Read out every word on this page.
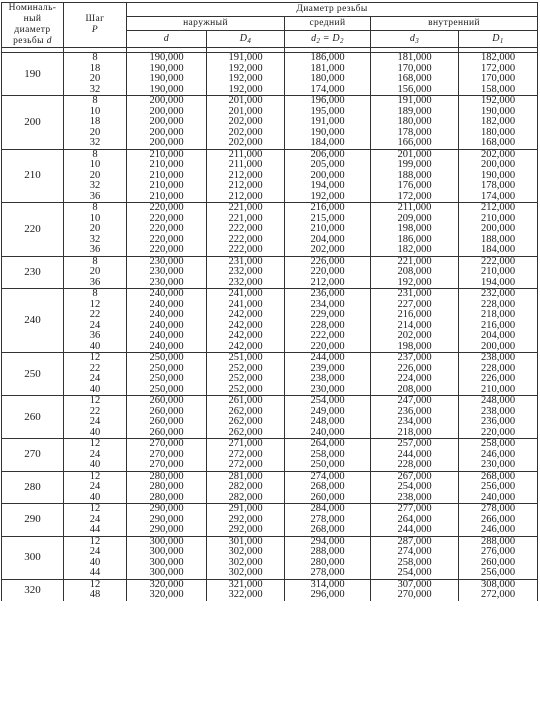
Номиналь-ный диаметр резьбы d	Шаг
P	Диаметр резьбы				
		наружный		средний	внутренний	
		d	$D_4$	$d_2 = D_2$	$d_3$	$D_1$

190	8	190,000	191,000	186,000	181,000	182,000
	18	190,000	192,000	181,000	170,000	172,000
	20	190,000	192,000	180,000	168,000	170,000
	32	190,000	192,000	174,000	156,000	158,000
200	8	200,000	201,000	196,000	191,000	192,000
	10	200,000	201,000	195,000	189,000	190,000
	18	200,000	202,000	191,000	180,000	182,000
	20	200,000	202,000	190,000	178,000	180,000
	32	200,000	202,000	184,000	166,000	168,000
210	8	210,000	211,000	206,000	201,000	202,000
	10	210,000	211,000	205,000	199,000	200,000
	20	210,000	212,000	200,000	188,000	190,000
	32	210,000	212,000	194,000	176,000	178,000
	36	210,000	212,000	192,000	172,000	174,000
220	8	220,000	221,000	216,000	211,000	212,000
	10	220,000	221,000	215,000	209,000	210,000
	20	220,000	222,000	210,000	198,000	200,000
	32	220,000	222,000	204,000	186,000	188,000
	36	220,000	222,000	202,000	182,000	184,000
230	8	230,000	231,000	226,000	221,000	222,000
	20	230,000	232,000	220,000	208,000	210,000
	36	230,000	232,000	212,000	192,000	194,000
240	8	240,000	241,000	236,000	231,000	232,000
	12	240,000	241,000	234,000	227,000	228,000
	22	240,000	242,000	229,000	216,000	218,000
	24	240,000	242,000	228,000	214,000	216,000
	36	240,000	242,000	222,000	202,000	204,000
	40	240,000	242,000	220,000	198,000	200,000
250	12	250,000	251,000	244,000	237,000	238,000
	22	250,000	252,000	239,000	226,000	228,000
	24	250,000	252,000	238,000	224,000	226,000
	40	250,000	252,000	230,000	208,000	210,000
260	12	260,000	261,000	254,000	247,000	248,000
	22	260,000	262,000	249,000	236,000	238,000
	24	260,000	262,000	248,000	234,000	236,000
	40	260,000	262,000	240,000	218,000	220,000
270	12	270,000	271,000	264,000	257,000	258,000
	24	270,000	272,000	258,000	244,000	246,000
	40	270,000	272,000	250,000	228,000	230,000
280	12	280,000	281,000	274,000	267,000	268,000
	24	280,000	282,000	268,000	254,000	256,000
	40	280,000	282,000	260,000	238,000	240,000
290	12	290,000	291,000	284,000	277,000	278,000
	24	290,000	292,000	278,000	264,000	266,000
	44	290,000	292,000	268,000	244,000	246,000
300	12	300,000	301,000	294,000	287,000	288,000
	24	300,000	302,000	288,000	274,000	276,000
	40	300,000	302,000	280,000	258,000	260,000
	44	300,000	302,000	278,000	254,000	256,000
320	12	320,000	321,000	314,000	307,000	308,000
	48	320,000	322,000	296,000	270,000	272,000
